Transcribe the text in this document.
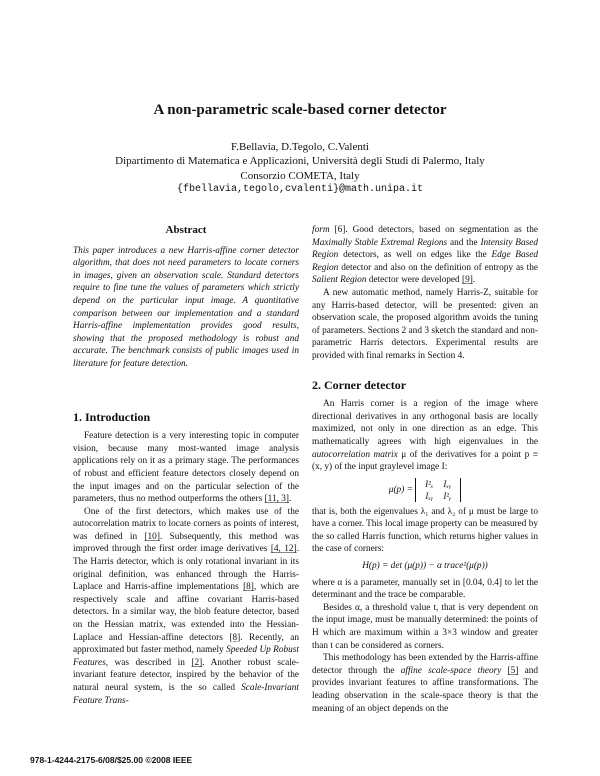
A non-parametric scale-based corner detector
F.Bellavia, D.Tegolo, C.Valenti
Dipartimento di Matematica e Applicazioni, Università degli Studi di Palermo, Italy
Consorzio COMETA, Italy
{fbellavia,tegolo,cvalenti}@math.unipa.it
Abstract

This paper introduces a new Harris-affine corner detector algorithm, that does not need parameters to locate corners in images, given an observation scale. Standard detectors require to fine tune the values of parameters which strictly depend on the particular input image. A quantitative comparison between our implementation and a standard Harris-affine implementation provides good results, showing that the proposed methodology is robust and accurate. The benchmark consists of public images used in literature for feature detection.

1. Introduction

Feature detection is a very interesting topic in computer vision, because many most-wanted image analysis applications rely on it as a primary stage. The performances of robust and efficient feature detectors closely depend on the input images and on the particular selection of the parameters, thus no method outperforms the others [11, 3].

One of the first detectors, which makes use of the autocorrelation matrix to locate corners as points of interest, was defined in [10]. Subsequently, this method was improved through the first order image derivatives [4, 12]. The Harris detector, which is only rotational invariant in its original definition, was enhanced through the Harris-Laplace and Harris-affine implementations [8], which are respectively scale and affine covariant Harris-based detectors. In a similar way, the blob feature detector, based on the Hessian matrix, was extended into the Hessian-Laplace and Hessian-affine detectors [8]. Recently, an approximated but faster method, namely Speeded Up Robust Features, was described in [2]. Another robust scale-invariant feature detector, inspired by the behavior of the natural neural system, is the so called Scale-Invariant Feature Trans-

form [6]. Good detectors, based on segmentation as the Maximally Stable Extremal Regions and the Intensity Based Region detectors, as well on edges like the Edge Based Region detector and also on the definition of entropy as the Salient Region detector were developed [9].

A new automatic method, namely Harris-Z, suitable for any Harris-based detector, will be presented: given an observation scale, the proposed algorithm avoids the tuning of parameters. Sections 2 and 3 sketch the standard and non-parametric Harris detectors. Experimental results are provided with final remarks in Section 4.

2. Corner detector

An Harris corner is a region of the image where directional derivatives in any orthogonal basis are locally maximized, not only in one direction as an edge. This mathematically agrees with high eigenvalues in the autocorrelation matrix μ of the derivatives for a point p ≡ (x, y) of the input graylevel image I:

μ(p) = I²ₓ Iₓᵧ
Iₓᵧ I²ᵧ

that is, both the eigenvalues λ₁ and λ₂ of μ must be large to have a corner. This local image property can be measured by the so called Harris function, which returns higher values in the case of corners:

H(p) = det (μ(p)) − α trace²(μ(p))

where α is a parameter, manually set in [0.04, 0.4] to let the determinant and the trace be comparable.

Besides α, a threshold value t, that is very dependent on the input image, must be manually determined: the points of H which are maximum within a 3×3 window and greater than t can be considered as corners.

This methodology has been extended by the Harris-affine detector through the affine scale-space theory [5] and provides invariant features to affine transformations. The leading observation in the scale-space theory is that the meaning of an object depends on the

978-1-4244-2175-6/08/$25.00 ©2008 IEEE
